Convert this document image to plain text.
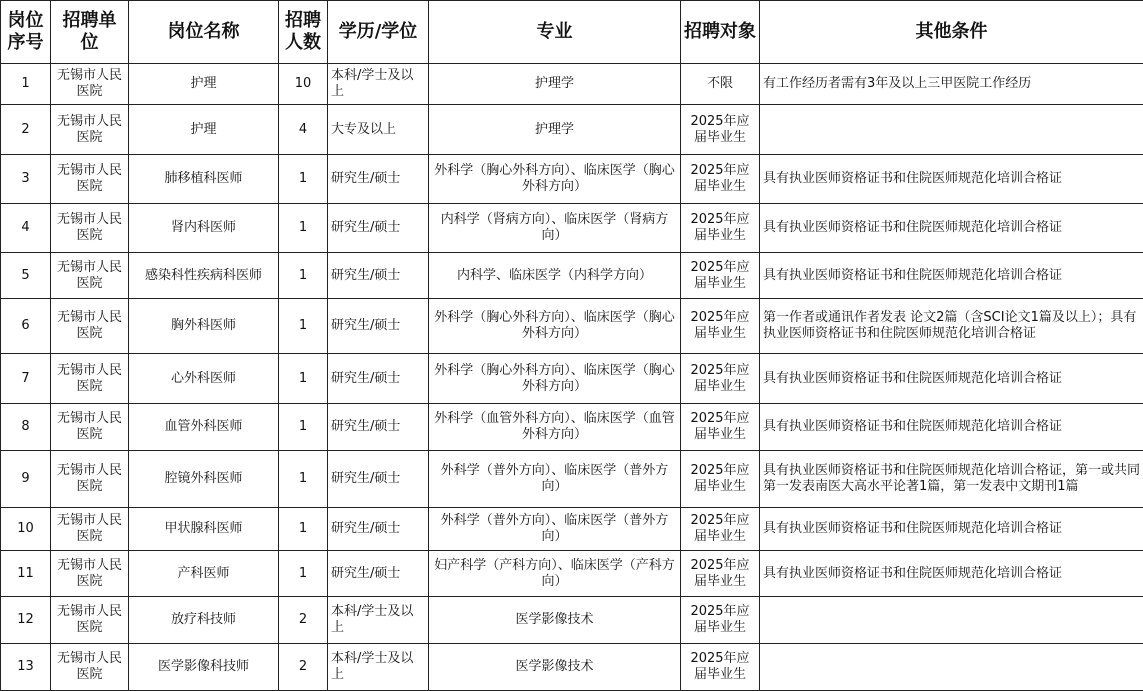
岗位序号	招聘单位	岗位名称	招聘人数	学历/学位	专业	招聘对象	其他条件
1	无锡市人民医院	护理	10	本科/学士及以上	护理学	不限	有工作经历者需有3年及以上三甲医院工作经历
2	无锡市人民医院	护理	4	大专及以上	护理学	2025年应届毕业生	
3	无锡市人民医院	肺移植科医师	1	研究生/硕士	外科学（胸心外科方向）、临床医学（胸心外科方向）	2025年应届毕业生	具有执业医师资格证书和住院医师规范化培训合格证
4	无锡市人民医院	肾内科医师	1	研究生/硕士	内科学（肾病方向）、临床医学（肾病方向）	2025年应届毕业生	具有执业医师资格证书和住院医师规范化培训合格证
5	无锡市人民医院	感染科性疾病科医师	1	研究生/硕士	内科学、临床医学（内科学方向）	2025年应届毕业生	具有执业医师资格证书和住院医师规范化培训合格证
6	无锡市人民医院	胸外科医师	1	研究生/硕士	外科学（胸心外科方向）、临床医学（胸心外科方向）	2025年应届毕业生	第一作者或通讯作者发表 论文2篇（含SCI论文1篇及以上）；具有执业医师资格证书和住院医师规范化培训合格证
7	无锡市人民医院	心外科医师	1	研究生/硕士	外科学（胸心外科方向）、临床医学（胸心外科方向）	2025年应届毕业生	具有执业医师资格证书和住院医师规范化培训合格证
8	无锡市人民医院	血管外科医师	1	研究生/硕士	外科学（血管外科方向）、临床医学（血管外科方向）	2025年应届毕业生	具有执业医师资格证书和住院医师规范化培训合格证
9	无锡市人民医院	腔镜外科医师	1	研究生/硕士	外科学（普外方向）、临床医学（普外方向）	2025年应届毕业生	具有执业医师资格证书和住院医师规范化培训合格证，第一或共同第一发表南医大高水平论著1篇，第一发表中文期刊1篇
10	无锡市人民医院	甲状腺科医师	1	研究生/硕士	外科学（普外方向）、临床医学（普外方向）	2025年应届毕业生	具有执业医师资格证书和住院医师规范化培训合格证
11	无锡市人民医院	产科医师	1	研究生/硕士	妇产科学（产科方向）、临床医学（产科方向）	2025年应届毕业生	具有执业医师资格证书和住院医师规范化培训合格证
12	无锡市人民医院	放疗科技师	2	本科/学士及以上	医学影像技术	2025年应届毕业生	
13	无锡市人民医院	医学影像科技师	2	本科/学士及以上	医学影像技术	2025年应届毕业生	
